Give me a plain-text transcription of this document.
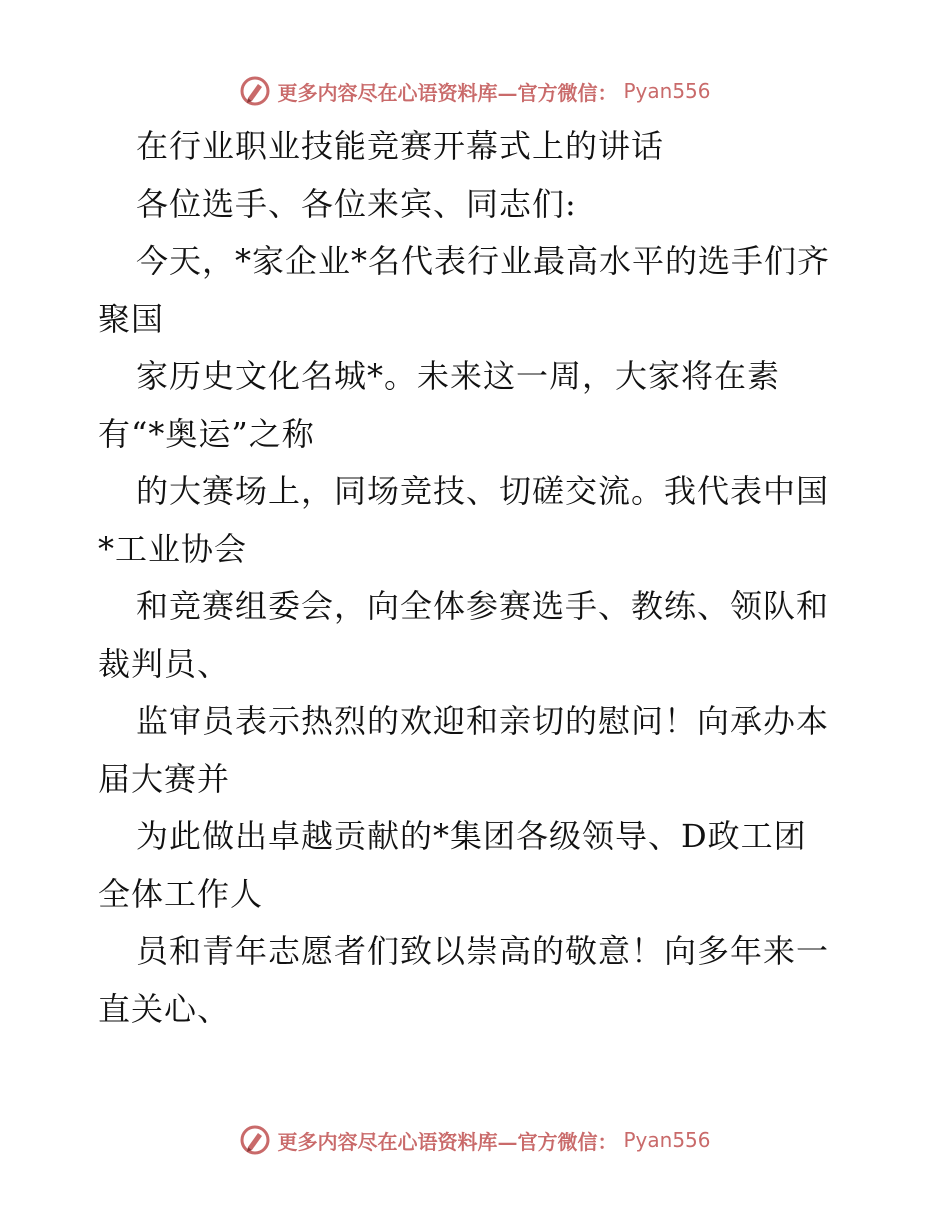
更多内容尽在心语资料库—官方微信： Pyan556
在行业职业技能竞赛开幕式上的讲话
各位选手、各位来宾、同志们:
今天，*家企业*名代表行业最高水平的选手们齐
聚国
家历史文化名城*。未来这一周，大家将在素
有“*奥运”之称
的大赛场上，同场竞技、切磋交流。我代表中国
*工业协会
和竞赛组委会，向全体参赛选手、教练、领队和
裁判员、
监审员表示热烈的欢迎和亲切的慰问！向承办本
届大赛并
为此做出卓越贡献的*集团各级领导、D政工团
全体工作人
员和青年志愿者们致以崇高的敬意！向多年来一
直关心、
更多内容尽在心语资料库—官方微信： Pyan556
